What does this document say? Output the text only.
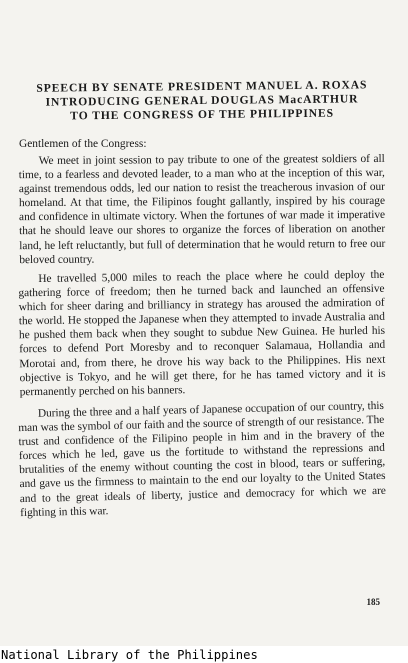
SPEECH BY SENATE PRESIDENT MANUEL A. ROXAS
INTRODUCING GENERAL DOUGLAS MacARTHUR
TO THE CONGRESS OF THE PHILIPPINES
Gentlemen of the Congress:

We meet in joint session to pay tribute to one of the greatest soldiers of all time, to a fearless and devoted leader, to a man who at the inception of this war, against tremendous odds, led our nation to resist the treacherous invasion of our homeland. At that time, the Filipinos fought gallantly, inspired by his courage and confidence in ultimate victory. When the fortunes of war made it imperative that he should leave our shores to organize the forces of liberation on another land, he left reluctantly, but full of determination that he would return to free our beloved country.

He travelled 5,000 miles to reach the place where he could deploy the gathering force of freedom; then he turned back and launched an offensive which for sheer daring and brilliancy in strategy has aroused the admiration of the world. He stopped the Japanese when they attempted to invade Australia and he pushed them back when they sought to subdue New Guinea. He hurled his forces to defend Port Moresby and to reconquer Salamaua, Hollandia and Morotai and, from there, he drove his way back to the Philippines. His next objective is Tokyo, and he will get there, for he has tamed victory and it is permanently perched on his banners.

During the three and a half years of Japanese occupation of our country, this man was the symbol of our faith and the source of strength of our resistance. The trust and confidence of the Filipino people in him and in the bravery of the forces which he led, gave us the fortitude to withstand the repressions and brutalities of the enemy without counting the cost in blood, tears or suffering, and gave us the firmness to maintain to the end our loyalty to the United States and to the great ideals of liberty, justice and democracy for which we are fighting in this war.

185
National Library of the Philippines
